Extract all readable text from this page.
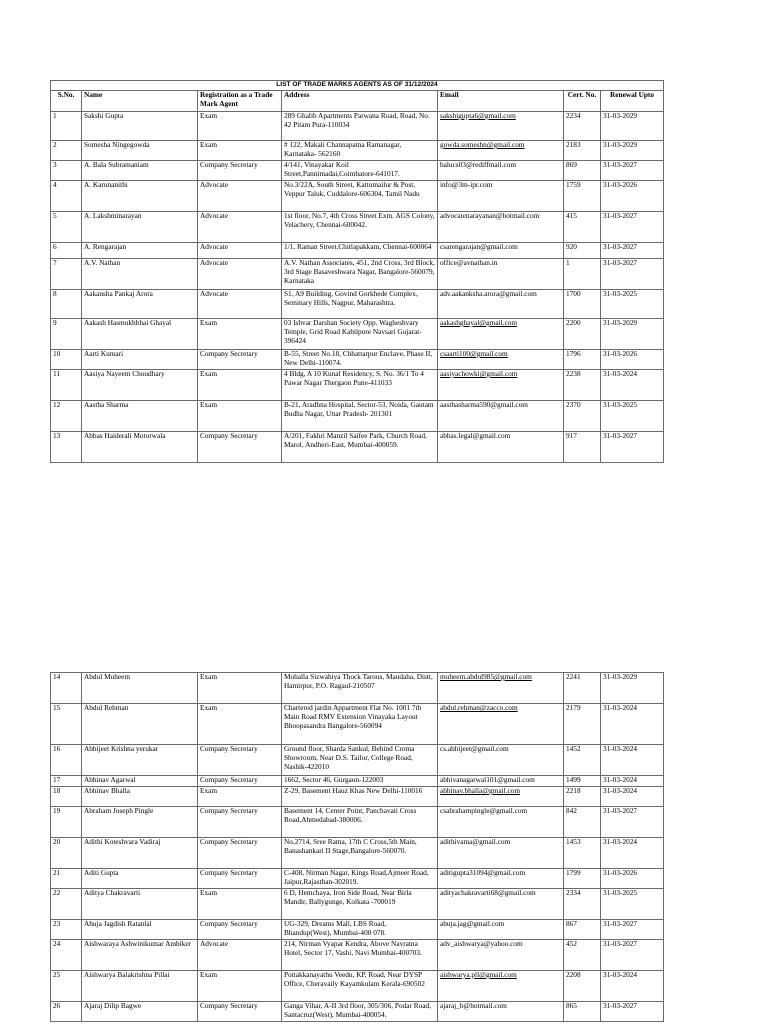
LIST OF TRADE MARKS AGENTS AS OF 31/12/2024						
S.No.	Name	Registration as a Trade Mark Agent	Address	Email	Cert. No.	Renewal Upto
1	Sakshi Gupta	Exam	289 Ghalib Apartments Parwana Road, Road, No. 42 Pitam Pura-110034	sakshigupta6@gmail.com	2234	31-03-2029
2	Somesha Ningegowda	Exam	# 122, Makali Channapatna Ramanagar, Karnataka- 562160	gowda.someshn@gmail.com	2183	31-03-2029
3	A. Bala Subramaniam	Company Secretary	4/141, Vinayakar Koil Street,Pannimadai,Coimbatore-641017.	balucs03@rediffmail.com	869	31-03-2027
4	A. Karunanithi	Advocate	No.3/22A, South Street, Kattumailur & Post, Veppur Taluk, Cuddalore-606304, Tamil Nadu	info@3m-ipr.com	1759	31-03-2026
5	A. Lakshminarayan	Advocate	1st floor, No.7, 4th Cross Street Extn. AGS Colony, Velachery, Chennai-600042.	advocatenarayanan@hotmail.com	415	31-03-2027
6	A. Rengarajan	Advocate	1/1, Raman Street,Chitlapakkam, Chennai-600064	csarengarajan@gmail.com	920	31-03-2027
7	A.V. Nathan	Advocate	A.V. Nathan Associates, 451, 2nd Cross, 3rd Block, 3rd Stage Basaveshwara Nagar, Bangalore-560079, Karnataka	office@avnathan.in	1	31-03-2027
8	Aakansha Pankaj Arora	Advocate	S1, A9 Building, Govind Gorkhede Complex, Seminary Hills, Nagpur, Maharashtra.	adv.aakanksha.arora@gmail.com	1700	31-03-2025
9	Aakash Hasmukhbhai Ghayal	Exam	03 Ishvar Darshan Society Opp. Wagheshvary Temple, Grid Road Kabilpore Navsari Gujarat-396424	aakashghayal@gmail.com	2200	31-03-2029
10	Aarti Kumari	Company Secretary	B-55, Street No.18, Chhattarpur Enclave, Phase II, New Delhi-110074.	csaarti100@gmail.com	1796	31-03-2026
11	Aasiya Nayeem Choudhary	Exam	4 Bldg, A 10 Kunal Residency, S. No. 36/1 To 4 Pawar Nagar Thergaon Pune-411033	aasiyachowki@gmail.com	2238	31-03-2024
12	Aastha Sharma	Exam	B-21, Aradhna Hospital, Sector-53, Noida, Gautam Budha Nagar, Uttar Pradesh- 201301	aasthasharma590@gmail.com	2370	31-03-2025
13	Abbas Haiderali Motorwala	Company Secretary	A/201, Fakhri Manzil Saifee Park, Church Road, Marol, Andheri-East, Mumbai-400059.	abbas.legal@gmail.com	917	31-03-2027
14	Abdul Muheem	Exam	Mohalla Sizwahiya Thock Tarous, Maudaha, Distt, Hamirpur, P.O. Ragaul-210507	muheem.abdul985@gmail.com	2241	31-03-2029
15	Abdul Rehman	Exam	Chartered jardin Appartment Flat No. 1001 7th Main Road RMV Extension Vinayaka Layout Bhoopasandra Bangalore-560094	abdul.rehman@zacco.com	2179	31-03-2024
16	Abhijeet Krishna yerukar	Company Secretary	Ground floor, Sharda Sankul, Behind Croma Showroom, Near D.S. Tailor, College Road, Nashik-422010	cs.abhijeet@gmail.com	1452	31-03-2024
17	Abhinav Agarwal	Company Secretary	1662, Sector 46, Gurgaon-122003	abhivanagarwal101@gmail.com	1499	31-03-2024
18	Abhinav Bhalla	Exam	Z-29, Basement Hauz Khas New Delhi-110016	abhinav.bhalla@gmail.com	2218	31-03-2024
19	Abraham Joseph Pingle	Company Secretary	Basement 14, Center Point, Panchavati Cross Road,Ahmedabad-380006.	csabrahampingle@gmail.com	842	31-03-2027
20	Adithi Koteshvara Vadiraj	Company Secretary	No.2714, Sree Rama, 17th C Cross,5th Main, Banashankari II Stage,Bangalore-560070.	adithivama@gmail.com	1453	31-03-2024
21	Aditi Gupta	Company Secretary	C-408, Nirman Nagar, Kings Road,Ajmeer Road, Jaipur,Rajasthan-302019.	aditigupta31094@gmail.com	1799	31-03-2026
22	Aditya Chakravarti	Exam	6 D, Hemchaya, Iron Side Road, Near Birla Mandir, Ballygunge, Kolkata -700019	adityachakravarti68@gmail.com	2334	31-03-2025
23	Ahuja Jagdish Ratanlal	Company Secretary	UG-329, Dreams Mall, LBS Road, Bhandup(West), Mumbai-400 078.	ahuja.jag@gmail.com	867	31-03-2027
24	Aishwaraya Ashwinikumar Ambiker	Advocate	214, Nirman Vyapar Kendra, Above Navratna Hotel, Sector 17, Vashi, Navi Mumbai-400703.	adv_aishwarya@yahoo.com	452	31-03-2027
25	Aishwarya Balakrishna Pillai	Exam	Pottakkanayathu Veedu, KP, Road, Near DYSP Office, Cheravaily Kayamkulam Kerala-690502	aishwarya.pll@gmail.com	2208	31-03-2024
26	Ajaraj Dilip Bagwe	Company Secretary	Ganga Vihar, A-II 3rd floor, 305/306, Podar Road, Santacruz(West), Mumbai-400054.	ajaraj_b@hotmail.com	865	31-03-2027
